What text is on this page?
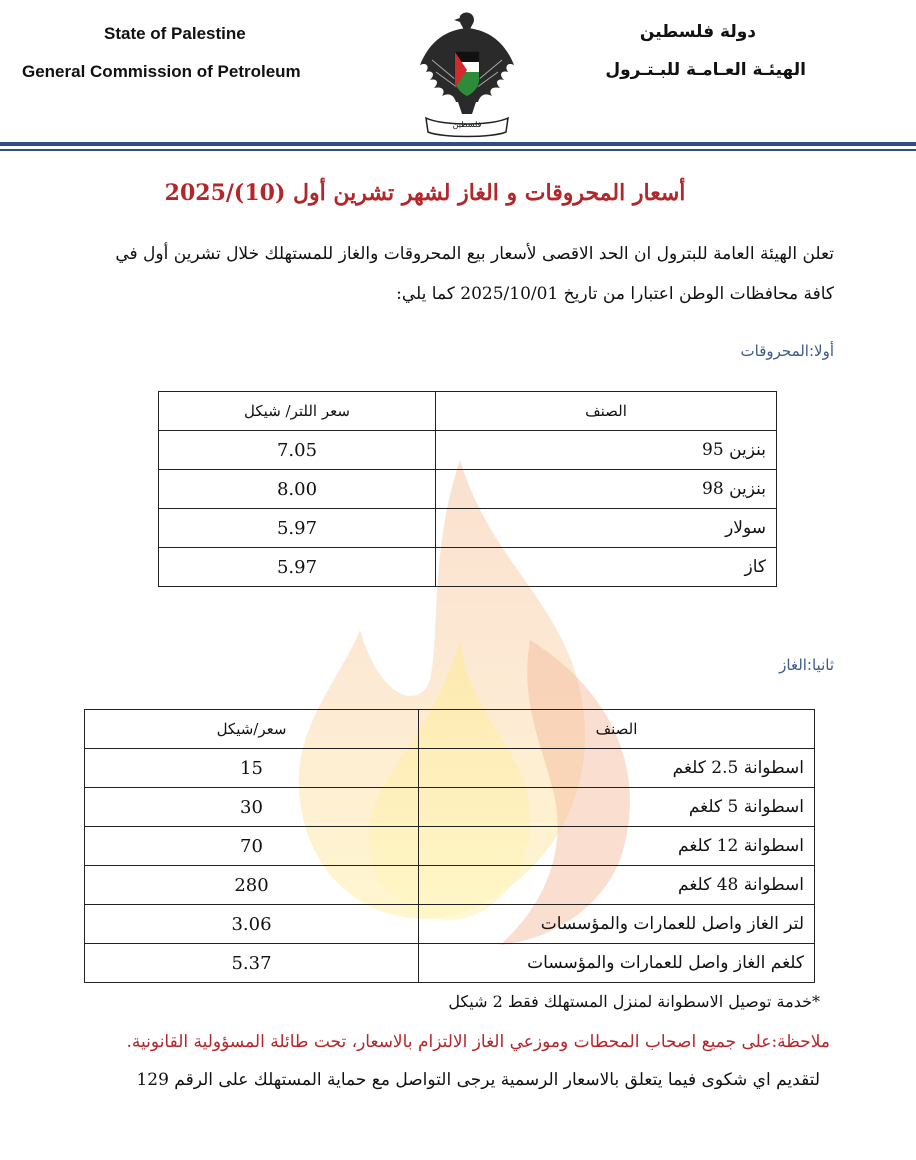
State of Palestine
General Commission of Petroleum
دولة فلسطين
الهيئـة العـامـة للبـتـرول
فلسطين
أسعار المحروقات و الغاز لشهر تشرين أول (10)/2025
تعلن الهيئة العامة للبترول ان الحد الاقصى لأسعار بيع المحروقات والغاز للمستهلك خلال تشرين أول في
كافة محافظات الوطن اعتبارا من تاريخ 2025/10/01 كما يلي:
أولا:المحروقات
الصنف	سعر اللتر/ شيكل
بنزين 95	7.05
بنزين 98	8.00
سولار	5.97
كاز	5.97
ثانيا:الغاز
الصنف	سعر/شيكل
اسطوانة 2.5 كلغم	15
اسطوانة 5 كلغم	30
اسطوانة 12 كلغم	70
اسطوانة 48 كلغم	280
لتر الغاز واصل للعمارات والمؤسسات	3.06
كلغم الغاز واصل للعمارات والمؤسسات	5.37
*خدمة توصيل الاسطوانة لمنزل المستهلك فقط 2 شيكل
ملاحظة:على جميع اصحاب المحطات وموزعي الغاز الالتزام بالاسعار، تحت طائلة المسؤولية القانونية.
لتقديم اي شكوى فيما يتعلق بالاسعار الرسمية يرجى التواصل مع حماية المستهلك على الرقم 129
